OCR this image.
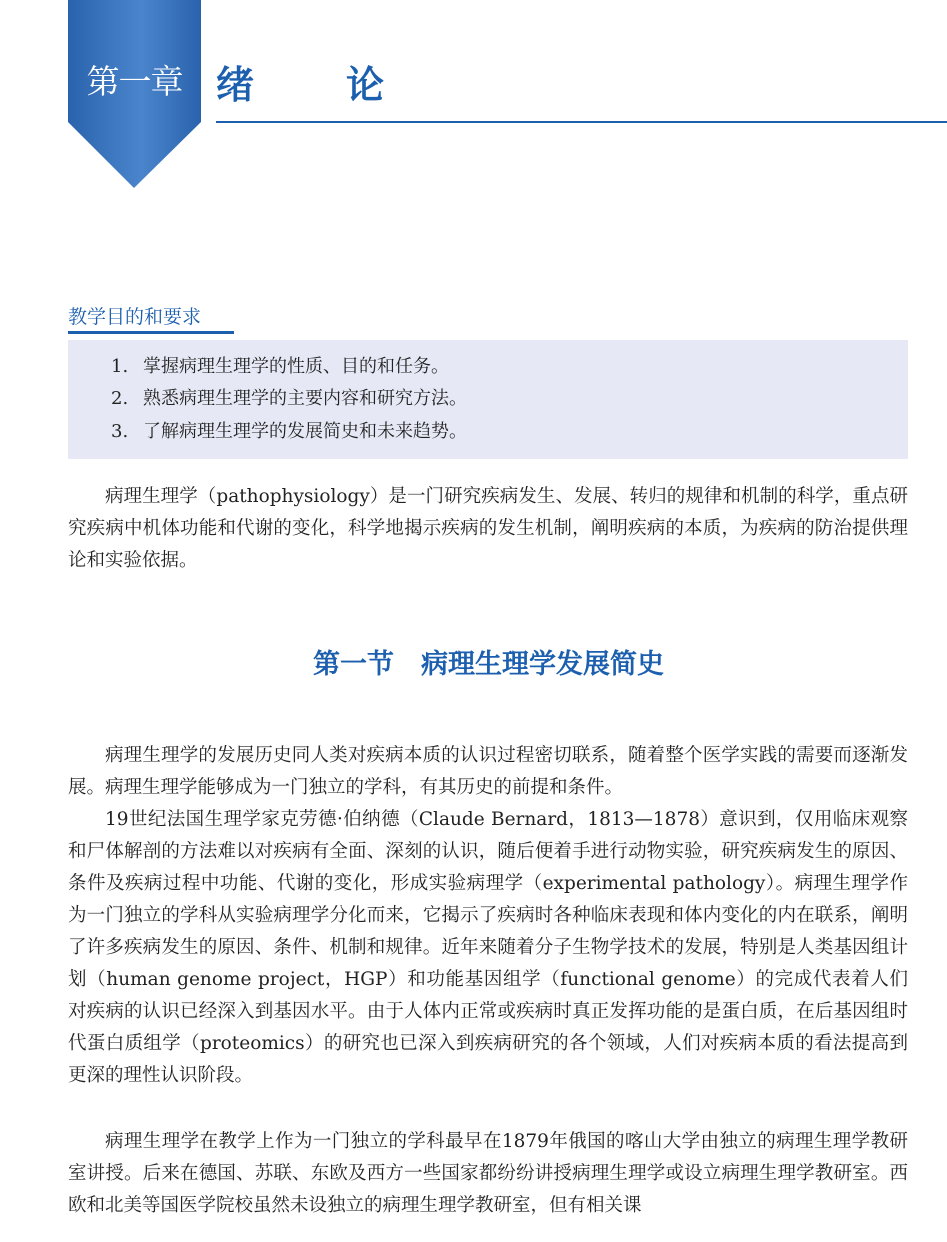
第一章 绪 论
教学目的和要求
1. 掌握病理生理学的性质、目的和任务。
2. 熟悉病理生理学的主要内容和研究方法。
3. 了解病理生理学的发展简史和未来趋势。

病理生理学（pathophysiology）是一门研究疾病发生、发展、转归的规律和机制的科学，重点研究疾病中机体功能和代谢的变化，科学地揭示疾病的发生机制，阐明疾病的本质，为疾病的防治提供理论和实验依据。

第一节　病理生理学发展简史

病理生理学的发展历史同人类对疾病本质的认识过程密切联系，随着整个医学实践的需要而逐渐发展。病理生理学能够成为一门独立的学科，有其历史的前提和条件。

19世纪法国生理学家克劳德·伯纳德（Claude Bernard，1813—1878）意识到，仅用临床观察和尸体解剖的方法难以对疾病有全面、深刻的认识，随后便着手进行动物实验，研究疾病发生的原因、条件及疾病过程中功能、代谢的变化，形成实验病理学（experimental pathology）。病理生理学作为一门独立的学科从实验病理学分化而来，它揭示了疾病时各种临床表现和体内变化的内在联系，阐明了许多疾病发生的原因、条件、机制和规律。近年来随着分子生物学技术的发展，特别是人类基因组计划（human genome project，HGP）和功能基因组学（functional genome）的完成代表着人们对疾病的认识已经深入到基因水平。由于人体内正常或疾病时真正发挥功能的是蛋白质，在后基因组时代蛋白质组学（proteomics）的研究也已深入到疾病研究的各个领域，人们对疾病本质的看法提高到更深的理性认识阶段。

病理生理学在教学上作为一门独立的学科最早在1879年俄国的喀山大学由独立的病理生理学教研室讲授。后来在德国、苏联、东欧及西方一些国家都纷纷讲授病理生理学或设立病理生理学教研室。西欧和北美等国医学院校虽然未设独立的病理生理学教研室，但有相关课
